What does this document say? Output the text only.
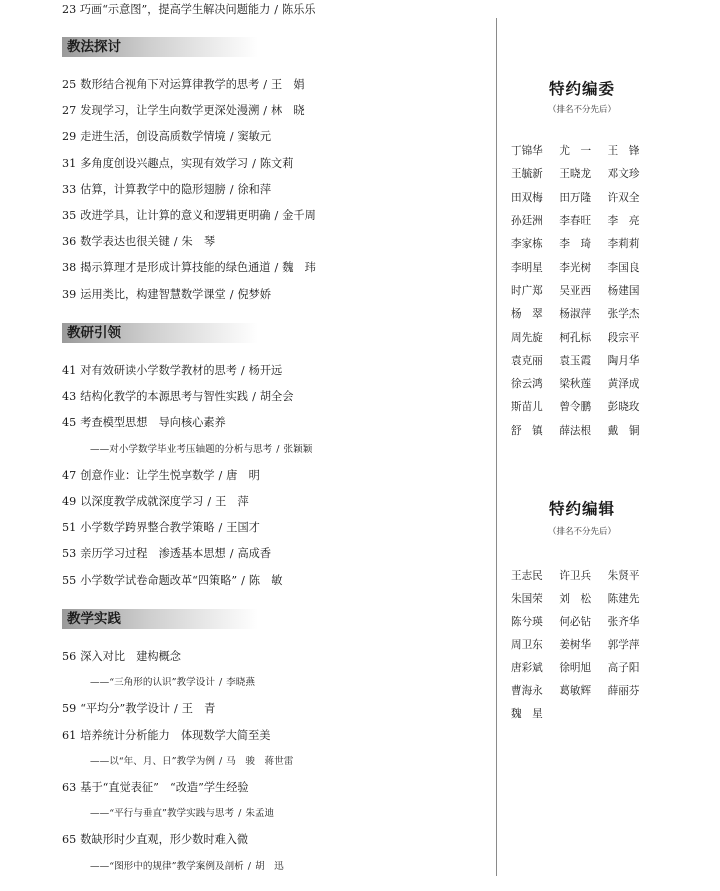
23 巧画“示意图”，提高学生解决问题能力 / 陈乐乐
教法探讨
25 数形结合视角下对运算律教学的思考 / 王　娟
27 发现学习，让学生向数学更深处漫溯 / 林　晓
29 走进生活，创设高质数学情境 / 窦敏元
31 多角度创设兴趣点，实现有效学习 / 陈文莉
33 估算，计算教学中的隐形翅膀 / 徐和萍
35 改进学具，让计算的意义和逻辑更明确 / 金千周
36 数学表达也很关键 / 朱　琴
38 揭示算理才是形成计算技能的绿色通道 / 魏　玮
39 运用类比，构建智慧数学课堂 / 倪梦娇
教研引领
41 对有效研读小学数学教材的思考 / 杨开远
43 结构化教学的本源思考与智性实践 / 胡全会
45 考查模型思想　导向核心素养
——对小学数学毕业考压轴题的分析与思考 / 张颖颖
47 创意作业：让学生悦享数学 / 唐　明
49 以深度教学成就深度学习 / 王　萍
51 小学数学跨界整合教学策略 / 王国才
53 亲历学习过程　渗透基本思想 / 高成香
55 小学数学试卷命题改革“四策略” / 陈　敏
教学实践
56 深入对比　建构概念
——“三角形的认识”教学设计 / 李晓燕
59 “平均分”教学设计 / 王　青
61 培养统计分析能力　体现数学大简至美
——以“年、月、日”教学为例 / 马　骏　蒋世雷
63 基于“直觉表征”　“改造”学生经验
——“平行与垂直”教学实践与思考 / 朱孟迪
65 数缺形时少直观，形少数时难入微
——“图形中的规律”教学案例及剖析 / 胡　迅
特约编委
（排名不分先后）
丁锦华	尤　一	王　锋
王毓新	王晓龙	邓文珍
田双梅	田万隆	许双全
孙廷洲	李春旺	李　亮
李家栋	李　琦	李莉莉
李明星	李光树	李国良
时广郑	吴亚西	杨建国
杨　翠	杨淑萍	张学杰
周先旋	柯孔标	段宗平
袁克丽	袁玉霞	陶月华
徐云鸿	梁秋莲	黄泽成
斯苗儿	曾令鹏	彭晓玫
舒　镇	薛法根	戴　铜
特约编辑
（排名不分先后）
王志民	许卫兵	朱贤平
朱国荣	刘　松	陈建先
陈兮瑛	何必钻	张齐华
周卫东	姜树华	郭学萍
唐彩斌	徐明旭	高子阳
曹海永	葛敏辉	薛丽芬
魏　星
